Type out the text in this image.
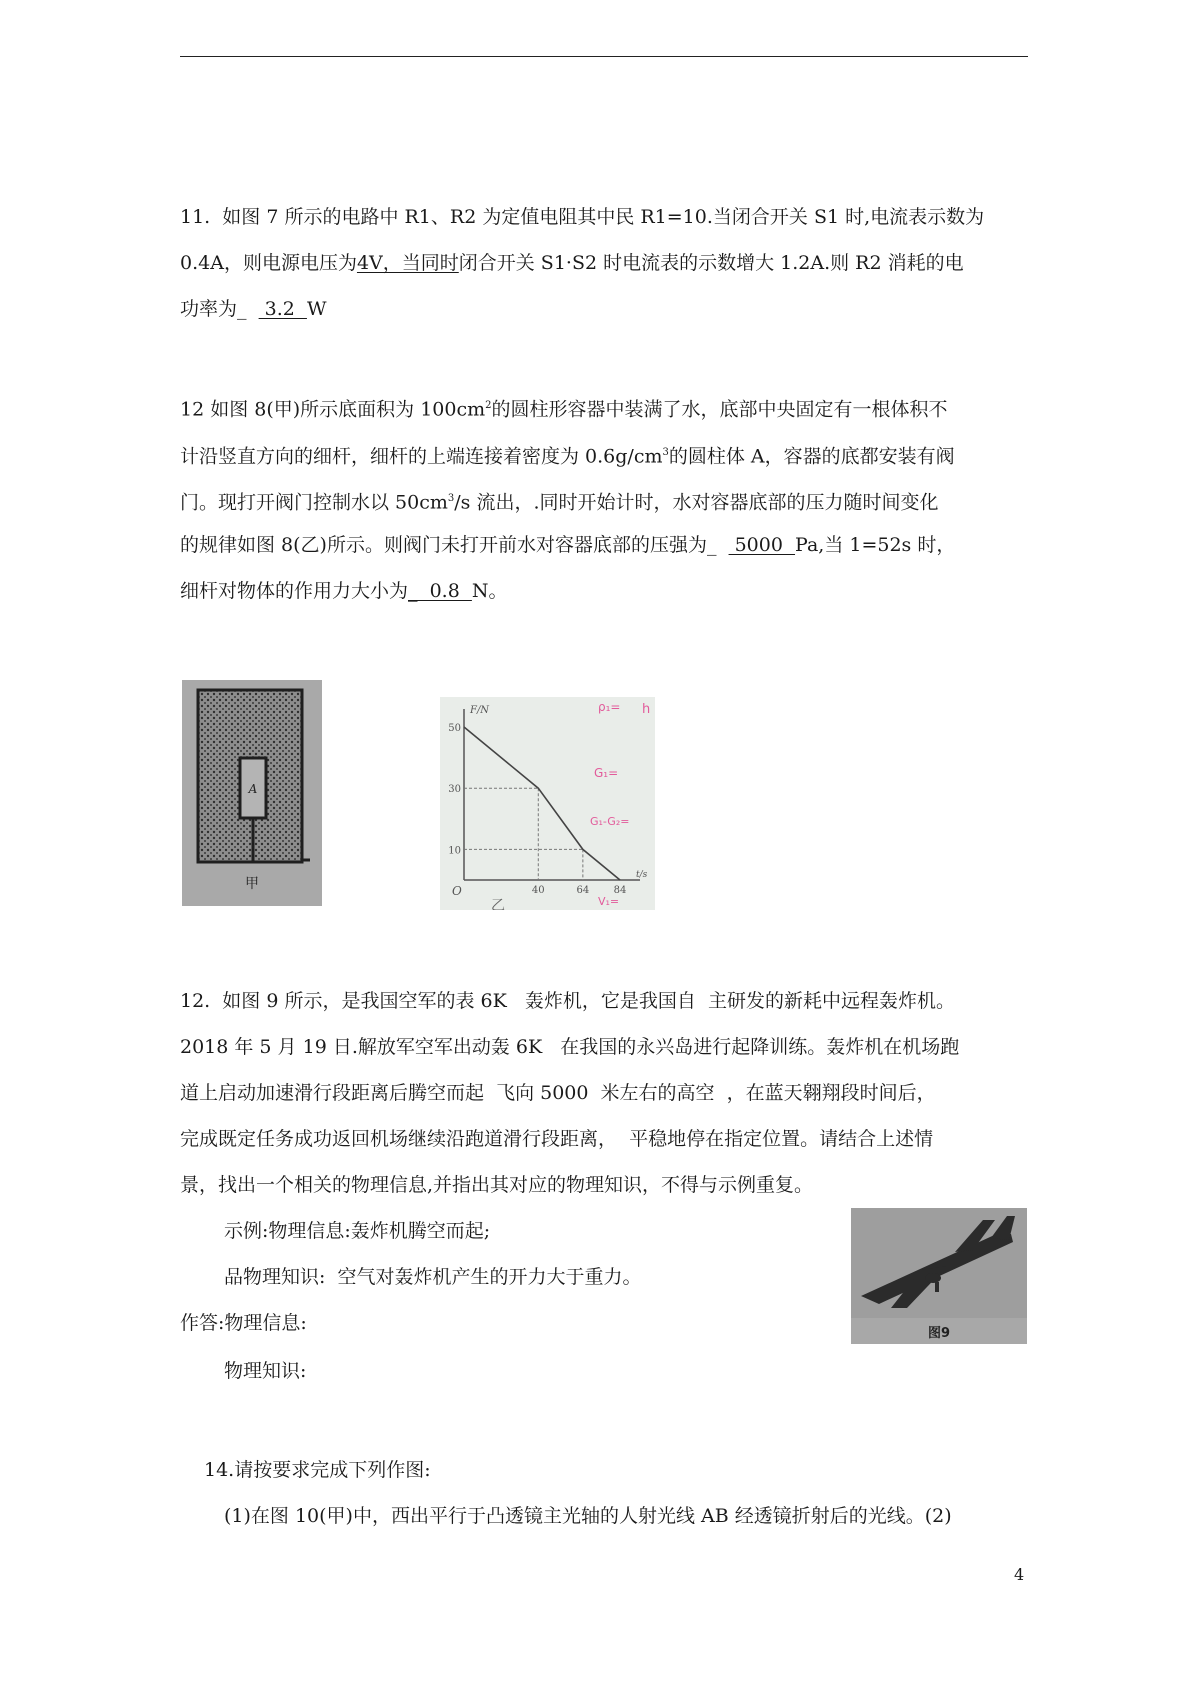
11.  如图 7 所示的电路中 R1、R2 为定值电阻其中民 R1=10.当闭合开关 S1 时,电流表示数为
0.4A，则电源电压为4V，当同时闭合开关 S1·S2 时电流表的示数增大 1.2A.则 R2 消耗的电
功率为_   3.2  W
12 如图 8(甲)所示底面积为 $100cm^2$的圆柱形容器中装满了水，底部中央固定有一根体积不
计沿竖直方向的细杆，细杆的上端连接着密度为 $0.6g/cm^3$的圆柱体 A，容器的底都安装有阀
门。现打开阀门控制水以 $50cm^3/s$ 流出，.同时开始计时，水对容器底部的压力随时间变化
的规律如图 8(乙)所示。则阀门未打开前水对容器底部的压强为_   5000  Pa,当 1=52s 时，
细杆对物体的作用力大小为_  0.8  N。
A
甲
F/N
t/s
O
乙
50
30
10
40	64 84
ρ₁= h
G₁=
G₁-G₂=
V₁=
12.  如图 9 所示，是我国空军的表 6K   轰炸机，它是我国自  主研发的新耗中远程轰炸机。
2018 年 5 月 19 日.解放军空军出动轰 6K   在我国的永兴岛进行起降训练。轰炸机在机场跑
道上启动加速滑行段距离后腾空而起  飞向 5000  米左右的高空  ，在蓝天翱翔段时间后，
完成既定任务成功返回机场继续沿跑道滑行段距离，  平稳地停在指定位置。请结合上述情
景，找出一个相关的物理信息,并指出其对应的物理知识，不得与示例重复。
示例:物理信息:轰炸机腾空而起;
品物理知识:  空气对轰炸机产生的开力大于重力。
作答:物理信息:
物理知识:
图9
14.请按要求完成下列作图:
(1)在图 10(甲)中，西出平行于凸透镜主光轴的人射光线 AB 经透镜折射后的光线。(2)
4
